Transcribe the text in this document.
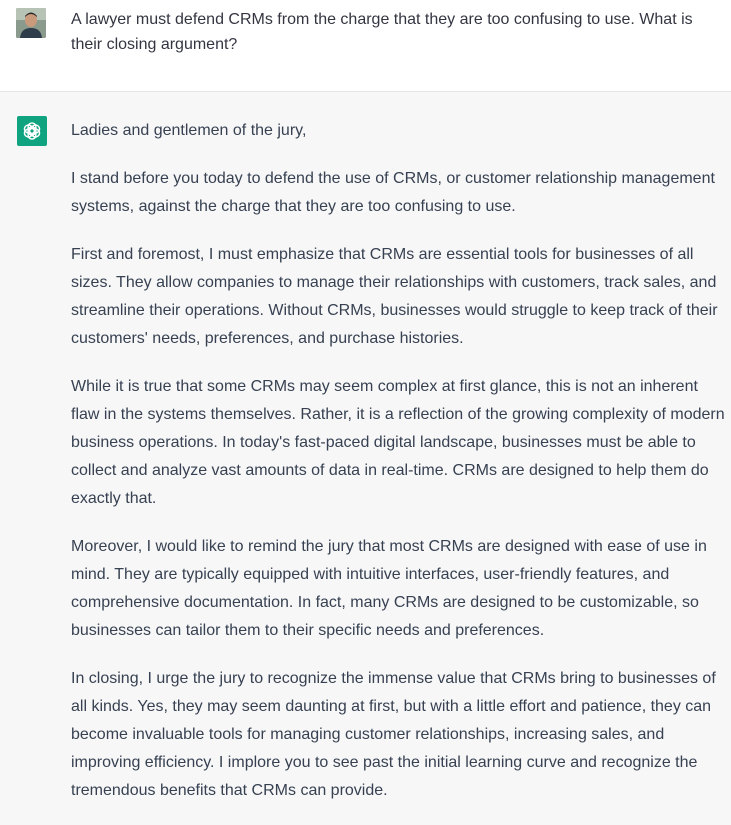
A lawyer must defend CRMs from the charge that they are too confusing to use. What is their closing argument?

Ladies and gentlemen of the jury,

I stand before you today to defend the use of CRMs, or customer relationship management systems, against the charge that they are too confusing to use.

First and foremost, I must emphasize that CRMs are essential tools for businesses of all sizes. They allow companies to manage their relationships with customers, track sales, and streamline their operations. Without CRMs, businesses would struggle to keep track of their customers' needs, preferences, and purchase histories.

While it is true that some CRMs may seem complex at first glance, this is not an inherent flaw in the systems themselves. Rather, it is a reflection of the growing complexity of modern business operations. In today's fast-paced digital landscape, businesses must be able to collect and analyze vast amounts of data in real-time. CRMs are designed to help them do exactly that.

Moreover, I would like to remind the jury that most CRMs are designed with ease of use in mind. They are typically equipped with intuitive interfaces, user-friendly features, and comprehensive documentation. In fact, many CRMs are designed to be customizable, so businesses can tailor them to their specific needs and preferences.

In closing, I urge the jury to recognize the immense value that CRMs bring to businesses of all kinds. Yes, they may seem daunting at first, but with a little effort and patience, they can become invaluable tools for managing customer relationships, increasing sales, and improving efficiency. I implore you to see past the initial learning curve and recognize the tremendous benefits that CRMs can provide.
